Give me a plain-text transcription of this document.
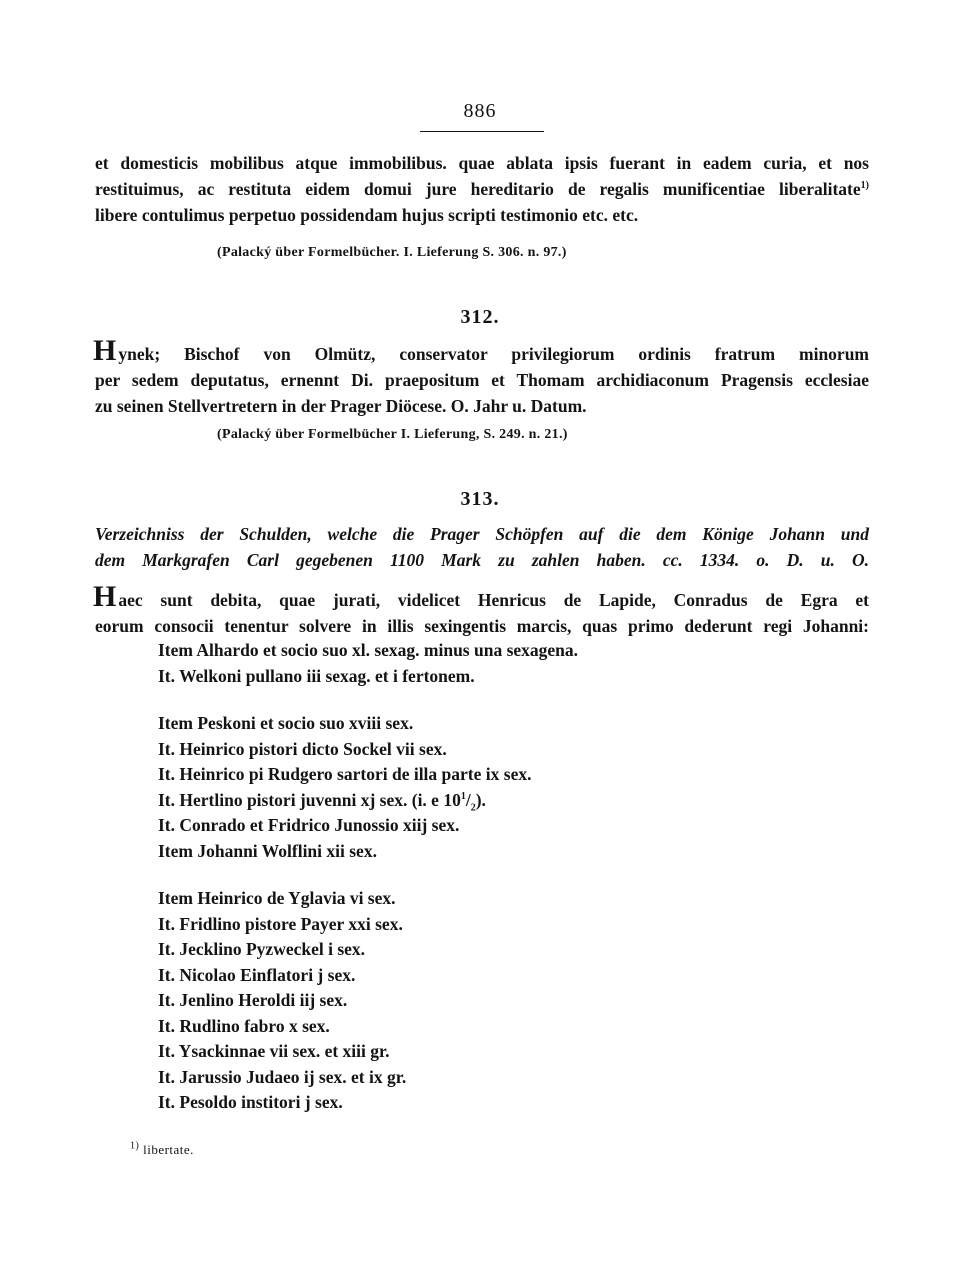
886
et domesticis mobilibus atque immobilibus. quae ablata ipsis fuerant in eadem curia, et nos
restituimus, ac restituta eidem domui jure hereditario de regalis munificentiae liberalitate$^{1)}$
libere contulimus perpetuo possidendam hujus scripti testimonio etc. etc.
(Palacký über Formelbücher. I. Lieferung S. 306. n. 97.)
312.
Hynek; Bischof von Olmütz, conservator privilegiorum ordinis fratrum minorum
per sedem deputatus, ernennt Di. praepositum et Thomam archidiaconum Pragensis ecclesiae
zu seinen Stellvertretern in der Prager Diöcese. O. Jahr u. Datum.
(Palacký über Formelbücher I. Lieferung, S. 249. n. 21.)
313.
Verzeichniss der Schulden, welche die Prager Schöpfen auf die dem Könige Johann und
dem Markgrafen Carl gegebenen 1100 Mark zu zahlen haben. cc. 1334. o. D. u. O.
Haec sunt debita, quae jurati, videlicet Henricus de Lapide, Conradus de Egra et
eorum consocii tenentur solvere in illis sexingentis marcis, quas primo dederunt regi Johanni:
Item Alhardo et socio suo xl. sexag. minus una sexagena.
It. Welkoni pullano iii sexag. et i fertonem.
Item Peskoni et socio suo xviii sex.
It. Heinrico pistori dicto Sockel vii sex.
It. Heinrico pi Rudgero sartori de illa parte ix sex.
It. Hertlino pistori juvenni xj sex. (i. e $10^1/_2$).
It. Conrado et Fridrico Junossio xiij sex.
Item Johanni Wolflini xii sex.
Item Heinrico de Yglavia vi sex.
It. Fridlino pistore Payer xxi sex.
It. Jecklino Pyzweckel i sex.
It. Nicolao Einflatori j sex.
It. Jenlino Heroldi iij sex.
It. Rudlino fabro x sex.
It. Ysackinnae vii sex. et xiii gr.
It. Jarussio Judaeo ij sex. et ix gr.
It. Pesoldo institori j sex.
$^{1)}$ libertate.
